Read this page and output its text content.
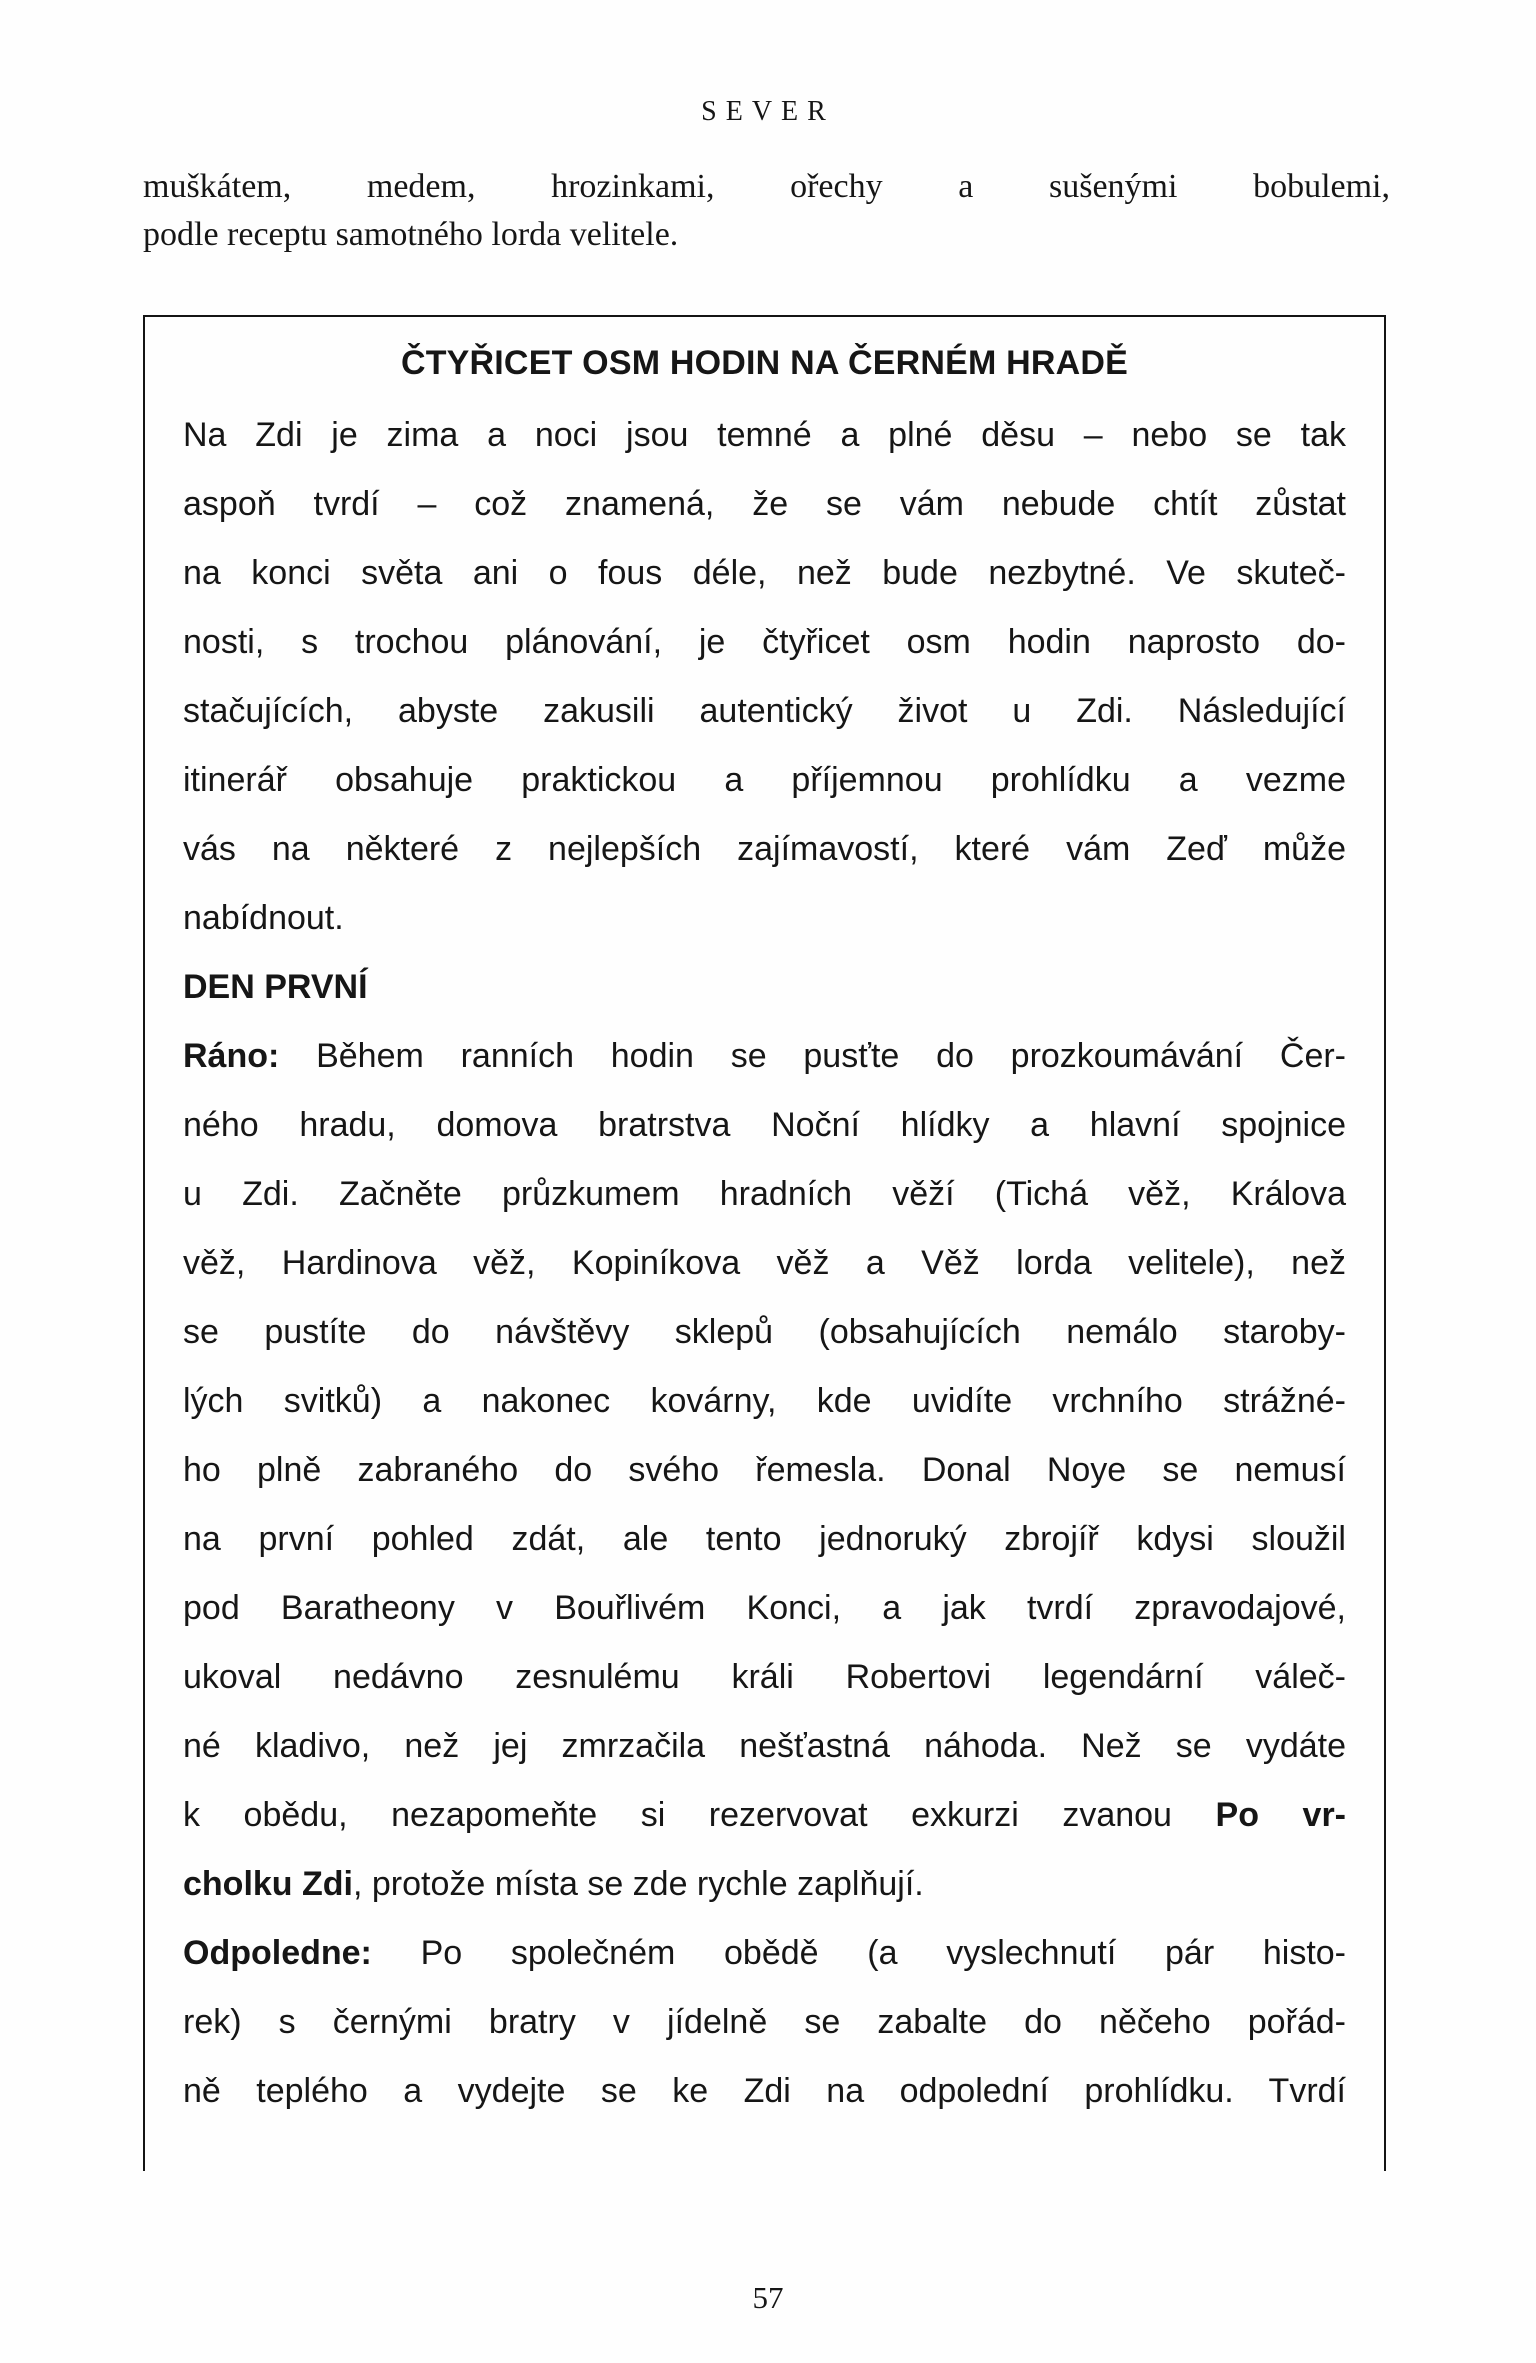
SEVER
muškátem, medem, hrozinkami, ořechy a sušenými bobulemi,
podle receptu samotného lorda velitele.
ČTYŘICET OSM HODIN NA ČERNÉM HRADĚ
Na Zdi je zima a noci jsou temné a plné děsu – nebo se tak
aspoň tvrdí – což znamená, že se vám nebude chtít zůstat
na konci světa ani o fous déle, než bude nezbytné. Ve skuteč-
nosti, s trochou plánování, je čtyřicet osm hodin naprosto do-
stačujících, abyste zakusili autentický život u Zdi. Následující
itinerář obsahuje praktickou a příjemnou prohlídku a vezme
vás na některé z nejlepších zajímavostí, které vám Zeď může
nabídnout.
DEN PRVNÍ
Ráno: Během ranních hodin se pusťte do prozkoumávání Čer-
ného hradu, domova bratrstva Noční hlídky a hlavní spojnice
u Zdi. Začněte průzkumem hradních věží (Tichá věž, Králova
věž, Hardinova věž, Kopiníkova věž a Věž lorda velitele), než
se pustíte do návštěvy sklepů (obsahujících nemálo staroby-
lých svitků) a nakonec kovárny, kde uvidíte vrchního strážné-
ho plně zabraného do svého řemesla. Donal Noye se nemusí
na první pohled zdát, ale tento jednoruký zbrojíř kdysi sloužil
pod Baratheony v Bouřlivém Konci, a jak tvrdí zpravodajové,
ukoval nedávno zesnulému králi Robertovi legendární váleč-
né kladivo, než jej zmrzačila nešťastná náhoda. Než se vydáte
k obědu, nezapomeňte si rezervovat exkurzi zvanou Po vr-
cholku Zdi, protože místa se zde rychle zaplňují.
Odpoledne: Po společném obědě (a vyslechnutí pár histo-
rek) s černými bratry v jídelně se zabalte do něčeho pořád-
ně teplého a vydejte se ke Zdi na odpolední prohlídku. Tvrdí
57
